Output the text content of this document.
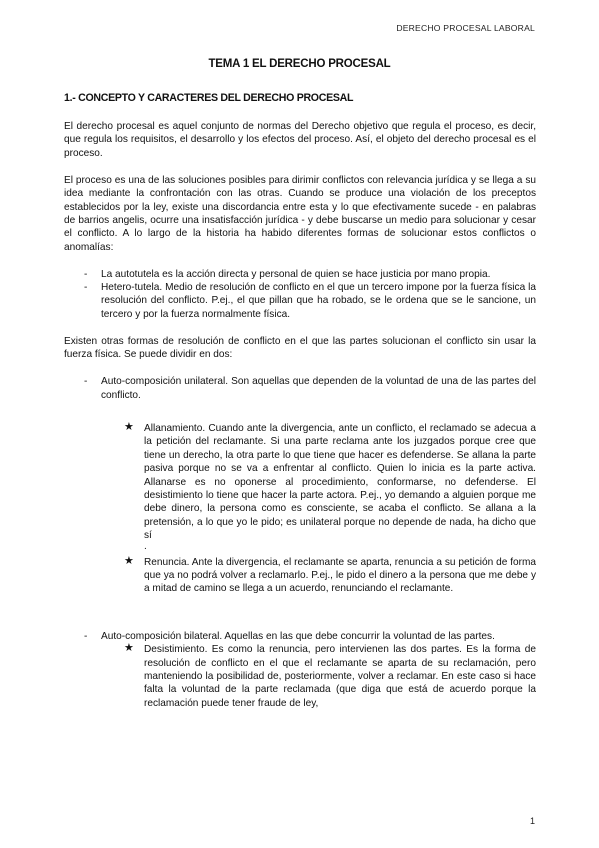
DERECHO PROCESAL LABORAL
TEMA 1 EL DERECHO PROCESAL
1.- CONCEPTO Y CARACTERES DEL DERECHO PROCESAL

El derecho procesal es aquel conjunto de normas del Derecho objetivo que regula el proceso, es decir, que regula los requisitos, el desarrollo y los efectos del proceso. Así, el objeto del derecho procesal es el proceso.

El proceso es una de las soluciones posibles para dirimir conflictos con relevancia jurídica y se llega a su idea mediante la confrontación con las otras. Cuando se produce una violación de los preceptos establecidos por la ley, existe una discordancia entre esta y lo que efectivamente sucede - en palabras de barrios angelis, ocurre una insatisfacción jurídica - y debe buscarse un medio para solucionar y cesar el conflicto. A lo largo de la historia ha habido diferentes formas de solucionar estos conflictos o anomalías:

- La autotutela es la acción directa y personal de quien se hace justicia por mano propia.
- Hetero-tutela. Medio de resolución de conflicto en el que un tercero impone por la fuerza física la resolución del conflicto. P.ej., el que pillan que ha robado, se le ordena que se le sancione, un tercero y por la fuerza normalmente física.

Existen otras formas de resolución de conflicto en el que las partes solucionan el conflicto sin usar la fuerza física. Se puede dividir en dos:

- Auto-composición unilateral. Son aquellas que dependen de la voluntad de una de las partes del conflicto.
★ Allanamiento. Cuando ante la divergencia, ante un conflicto, el reclamado se adecua a la petición del reclamante. Si una parte reclama ante los juzgados porque cree que tiene un derecho, la otra parte lo que tiene que hacer es defenderse. Se allana la parte pasiva porque no se va a enfrentar al conflicto. Quien lo inicia es la parte activa. Allanarse es no oponerse al procedimiento, conformarse, no defenderse. El desistimiento lo tiene que hacer la parte actora. P.ej., yo demando a alguien porque me debe dinero, la persona como es consciente, se acaba el conflicto. Se allana a la pretensión, a lo que yo le pido; es unilateral porque no depende de nada, ha dicho que sí
.
★ Renuncia. Ante la divergencia, el reclamante se aparta, renuncia a su petición de forma que ya no podrá volver a reclamarlo. P.ej., le pido el dinero a la persona que me debe y a mitad de camino se llega a un acuerdo, renunciando el reclamante.
- Auto-composición bilateral. Aquellas en las que debe concurrir la voluntad de las partes.
★ Desistimiento. Es como la renuncia, pero intervienen las dos partes. Es la forma de resolución de conflicto en el que el reclamante se aparta de su reclamación, pero manteniendo la posibilidad de, posteriormente, volver a reclamar. En este caso si hace falta la voluntad de la parte reclamada (que diga que está de acuerdo porque la reclamación puede tener fraude de ley,
1
